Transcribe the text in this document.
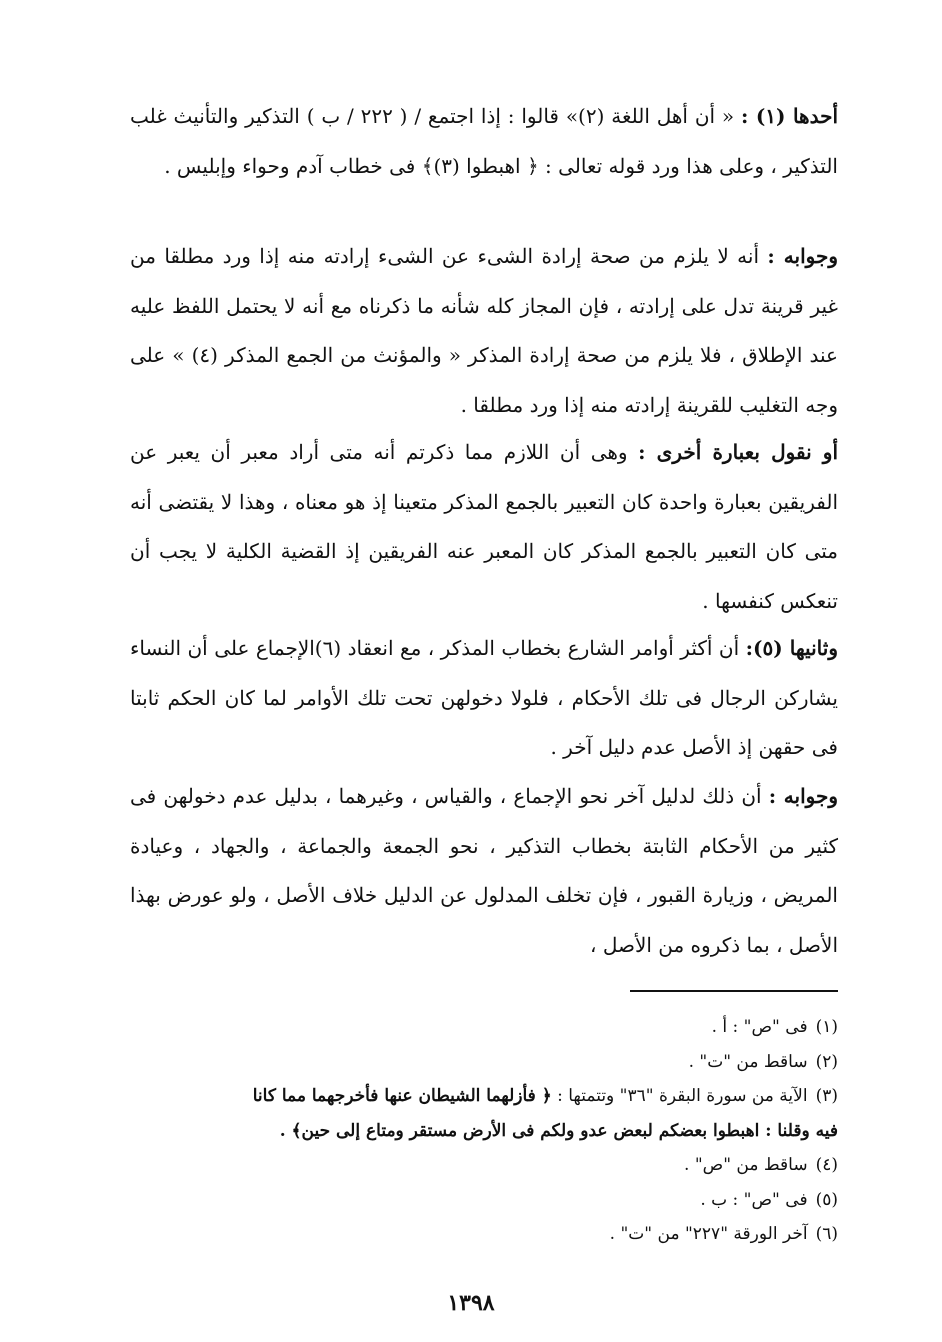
أحدها (١) : « أن أهل اللغة (٢)» قالوا : إذا اجتمع / ( ٢٢٢ / ب ) التذكير والتأنيث غلب التذكير ، وعلى هذا ورد قوله تعالى : ﴿ اهبطوا (٣)﴾ فى خطاب آدم وحواء وإبليس .

وجوابه : أنه لا يلزم من صحة إرادة الشىء عن الشىء إرادته منه إذا ورد مطلقا من غير قرينة تدل على إرادته ، فإن المجاز كله شأنه ما ذكرناه مع أنه لا يحتمل اللفظ عليه عند الإطلاق ، فلا يلزم من صحة إرادة المذكر « والمؤنث من الجمع المذكر (٤) » على وجه التغليب للقرينة إرادته منه إذا ورد مطلقا .

أو نقول بعبارة أخرى : وهى أن اللازم مما ذكرتم أنه متى أراد معبر أن يعبر عن الفريقين بعبارة واحدة كان التعبير بالجمع المذكر متعينا إذ هو معناه ، وهذا لا يقتضى أنه متى كان التعبير بالجمع المذكر كان المعبر عنه الفريقين إذ القضية الكلية لا يجب أن تنعكس كنفسها .

وثانيها (٥): أن أكثر أوامر الشارع بخطاب المذكر ، مع انعقاد (٦)الإجماع على أن النساء يشاركن الرجال فى تلك الأحكام ، فلولا دخولهن تحت تلك الأوامر لما كان الحكم ثابتا فى حقهن إذ الأصل عدم دليل آخر .

وجوابه : أن ذلك لدليل آخر نحو الإجماع ، والقياس ، وغيرهما ، بدليل عدم دخولهن فى كثير من الأحكام الثابتة بخطاب التذكير ، نحو الجمعة والجماعة ، والجهاد ، وعيادة المريض ، وزيارة القبور ، فإن تخلف المدلول عن الدليل خلاف الأصل ، ولو عورض بهذا الأصل ، بما ذكروه من الأصل ،

(١)فى "ص" : أ .
(٢)ساقط من "ت" .
(٣)الآية من سورة البقرة "٣٦" وتتمتها : ﴿ فأزلهما الشيطان عنها فأخرجهما مما كانا
فيه وقلنا : اهبطوا بعضكم لبعض عدو ولكم فى الأرض مستقر ومتاع إلى حين﴾ .
(٤)ساقط من "ص" .
(٥)فى "ص" : ب .
(٦)آخر الورقة "٢٢٧" من "ت" .
١٣٩٨
